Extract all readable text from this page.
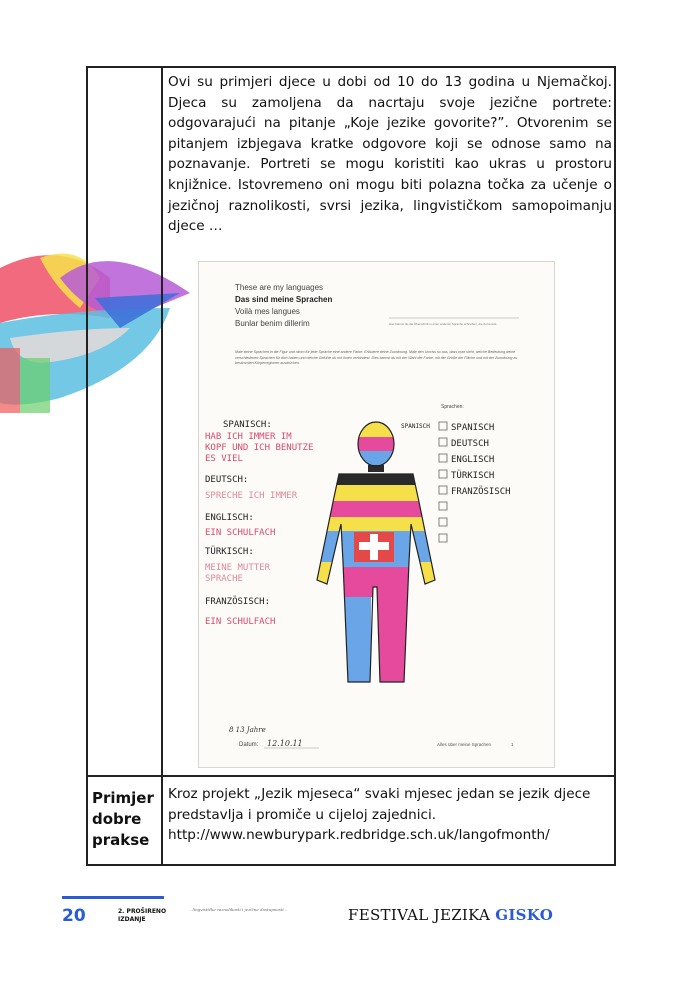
Ovi su primjeri djece u dobi od 10 do 13 godina u Njemačkoj. Djeca su zamoljena da nacrtaju svoje jezične portrete: odgovarajući na pitanje „Koje jezike govorite?”. Otvorenim se pitanjem izbjegava kratke odgovore koji se odnose samo na poznavanje. Portreti se mogu koristiti kao ukras u prostoru knjižnice. Istovremeno oni mogu biti polazna točka za učenje o jezičnoj raznolikosti, svrsi jezika, lingvističkom samopoimanju djece …
These are my languages
Das sind meine Sprachen
Voilà mes langues
Bunlar benim dillerim	Hier kannst du die Überschrift in einer anderen Sprache schreiben, die du kennst.
Male deine Sprachen in die Figur und nimm für jede Sprache eine andere Farbe. Erläutere deine Zuordnung. Male den Umriss so aus, dass man sieht, welche Bedeutung deine verschiedenen Sprachen für dich haben und welche Gefühle du mit ihnen verbindest. Dies kannst du mit der Wahl der Farbe, mit der Größe der Fläche und mit der Zuordnung zu bestimmten Körperregionen ausdrücken.
Sprachen:
SPANISCH:
HAB ICH IMMER IM
KOPF UND ICH BENUTZE
ES VIEL
DEUTSCH:
SPRECHE ICH IMMER
ENGLISCH:
EIN SCHULFACH
TÜRKISCH:
MEINE MUTTER
SPRACHE
FRANZÖSISCH:
EIN SCHULFACH
SPANISCH SPANISCH
DEUTSCH
ENGLISCH
TÜRKISCH
FRANZÖSISCH
8 13 Jahre
Datum: 12.10.11	Alles über meine Sprachen	1
Primjer
dobre
prakse
Kroz projekt „Jezik mjeseca“ svaki mjesec jedan se jezik djece predstavlja i promiče u cijeloj zajednici. http://www.newburypark.redbridge.sch.uk/langofmonth/
20	2. PROŠIRENO
IZDANJE
..lingvističke raznolikosti i jezične dostupnosti ..	FESTIVAL JEZIKA GISKO
